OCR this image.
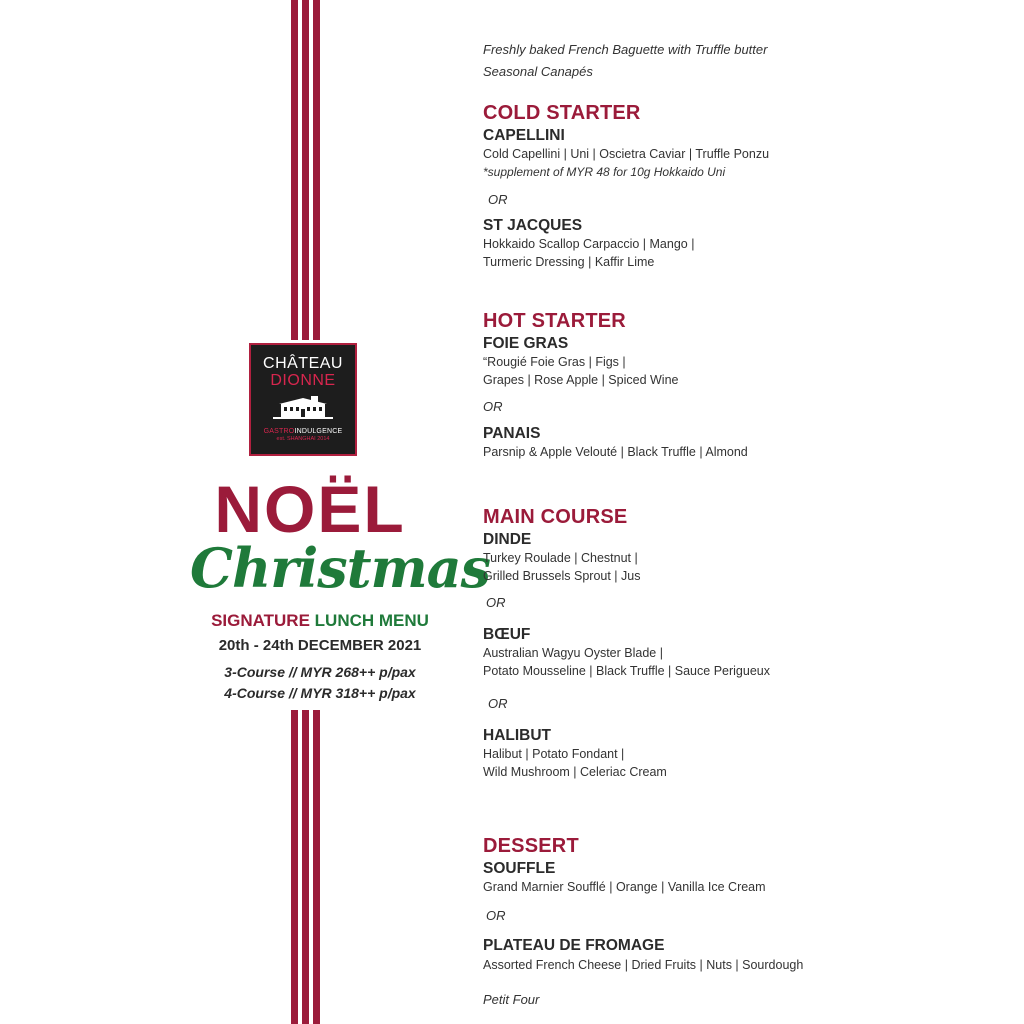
CHÂTEAU
DIONNE
GASTROINDULGENCE
est. SHANGHAI 2014
NOËL
Christmas
SIGNATURE LUNCH MENU
20th - 24th DECEMBER 2021
3-Course // MYR 268++ p/pax
4-Course // MYR 318++ p/pax
Freshly baked French Baguette with Truffle butter
Seasonal Canapés
COLD STARTER
CAPELLINI
Cold Capellini | Uni | Oscietra Caviar | Truffle Ponzu
*supplement of MYR 48 for 10g Hokkaido Uni
OR
ST JACQUES
Hokkaido Scallop Carpaccio | Mango |
Turmeric Dressing | Kaffir Lime
HOT STARTER
FOIE GRAS
“Rougié Foie Gras | Figs |
Grapes | Rose Apple | Spiced Wine
OR
PANAIS
Parsnip & Apple Velouté | Black Truffle | Almond
MAIN COURSE
DINDE
Turkey Roulade | Chestnut |
Grilled Brussels Sprout | Jus
OR
BŒUF
Australian Wagyu Oyster Blade |
Potato Mousseline | Black Truffle | Sauce Perigueux
OR
HALIBUT
Halibut | Potato Fondant |
Wild Mushroom | Celeriac Cream
DESSERT
SOUFFLE
Grand Marnier Soufflé | Orange | Vanilla Ice Cream
OR
PLATEAU DE FROMAGE
Assorted French Cheese | Dried Fruits | Nuts | Sourdough
Petit Four
